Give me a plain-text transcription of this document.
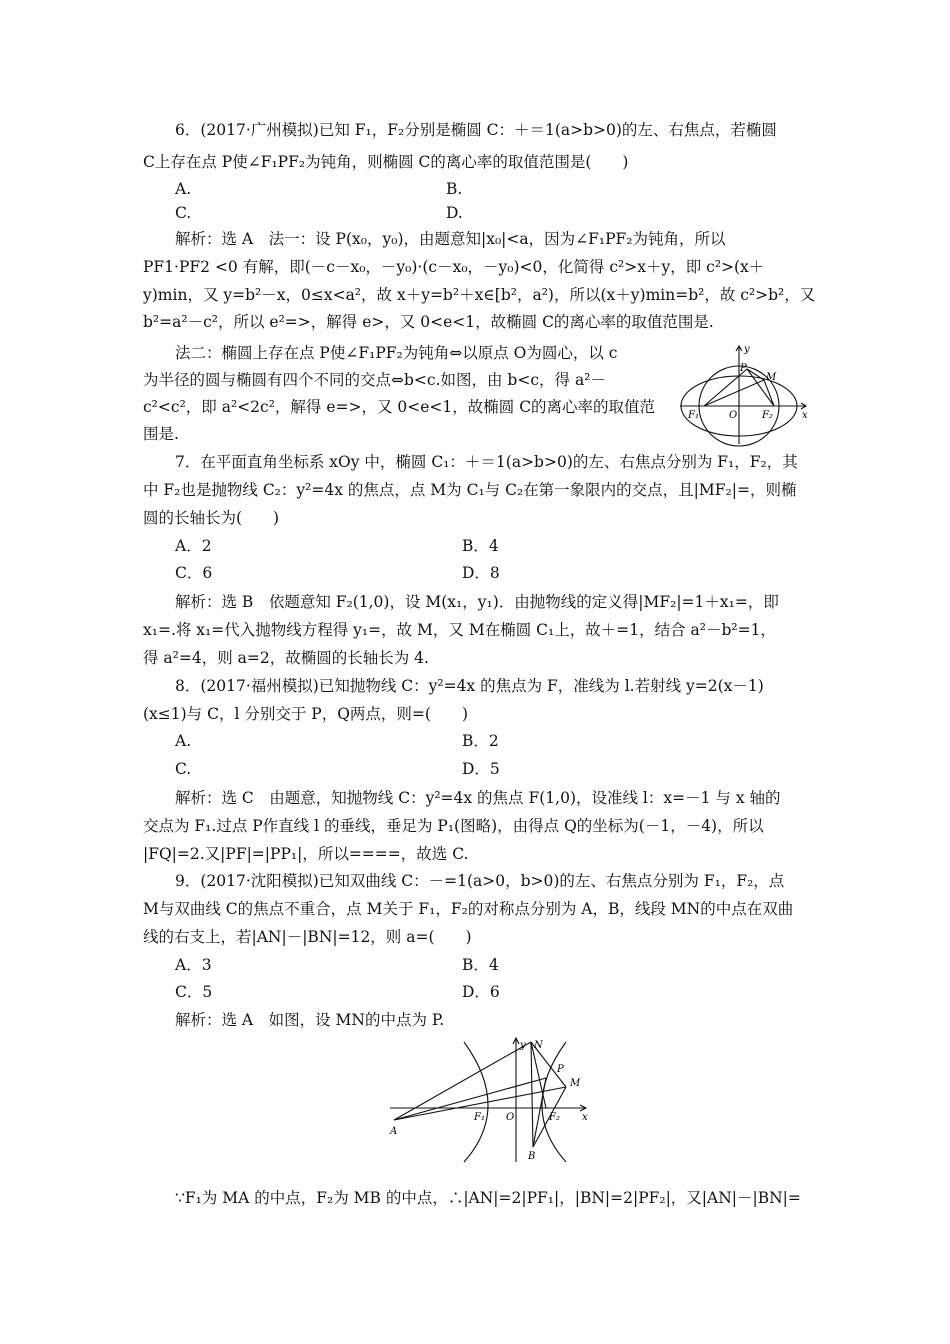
6．(2017·广州模拟)已知 F₁，F₂分别是椭圆 C：＋＝1(a>b>0)的左、右焦点，若椭圆
C上存在点 P使∠F₁PF₂为钝角，则椭圆 C的离心率的取值范围是(　　)
A.	B.
C.	D.
解析：选 A　法一：设 P(x₀，y₀)，由题意知|x₀|<a，因为∠F₁PF₂为钝角，所以
PF1·PF2 <0 有解，即(－c－x₀，－y₀)·(c－x₀，－y₀)<0，化简得 c²>x＋y，即 c²>(x＋
y)min，又 y=b²－x，0≤x<a²，故 x＋y=b²＋x∈[b²，a²)，所以(x＋y)min=b²，故 c²>b²，又
b²=a²－c²，所以 e²=>，解得 e>，又 0<e<1，故椭圆 C的离心率的取值范围是.
法二：椭圆上存在点 P使∠F₁PF₂为钝角⇔以原点 O为圆心，以 c
为半径的圆与椭圆有四个不同的交点⇔b<c.如图，由 b<c，得 a²－
c²<c²，即 a²<2c²，解得 e=>，又 0<e<1，故椭圆 C的离心率的取值范
围是.
y
x
P
M
F₁	O F₂
7．在平面直角坐标系 xOy 中，椭圆 C₁：＋＝1(a>b>0)的左、右焦点分别为 F₁，F₂，其
中 F₂也是抛物线 C₂：y²=4x 的焦点，点 M为 C₁与 C₂在第一象限内的交点，且|MF₂|=，则椭
圆的长轴长为(　　)
A．2	B．4
C．6	D．8
解析：选 B　依题意知 F₂(1,0)，设 M(x₁，y₁)．由抛物线的定义得|MF₂|=1＋x₁=，即
x₁=.将 x₁=代入抛物线方程得 y₁=，故 M，又 M在椭圆 C₁上，故＋=1，结合 a²－b²=1，
得 a²=4，则 a=2，故椭圆的长轴长为 4.
8．(2017·福州模拟)已知抛物线 C：y²=4x 的焦点为 F，准线为 l.若射线 y=2(x－1)
(x≤1)与 C，l 分别交于 P，Q两点，则=(　　)
A.	B．2
C.	D．5
解析：选 C　由题意，知抛物线 C：y²=4x 的焦点 F(1,0)，设准线 l：x=－1 与 x 轴的
交点为 F₁.过点 P作直线 l 的垂线，垂足为 P₁(图略)，由得点 Q的坐标为(－1，－4)，所以
|FQ|=2.又|PF|=|PP₁|，所以====，故选 C.
9．(2017·沈阳模拟)已知双曲线 C：－=1(a>0，b>0)的左、右焦点分别为 F₁，F₂，点
M与双曲线 C的焦点不重合，点 M关于 F₁，F₂的对称点分别为 A，B，线段 MN的中点在双曲
线的右支上，若|AN|－|BN|=12，则 a=(　　)
A．3	B．4
C．5	D．6
解析：选 A　如图，设 MN的中点为 P.
y N
P
M
F₁ O	F₂ x
A
B
∵F₁为 MA 的中点，F₂为 MB 的中点，∴|AN|=2|PF₁|，|BN|=2|PF₂|，又|AN|－|BN|=
